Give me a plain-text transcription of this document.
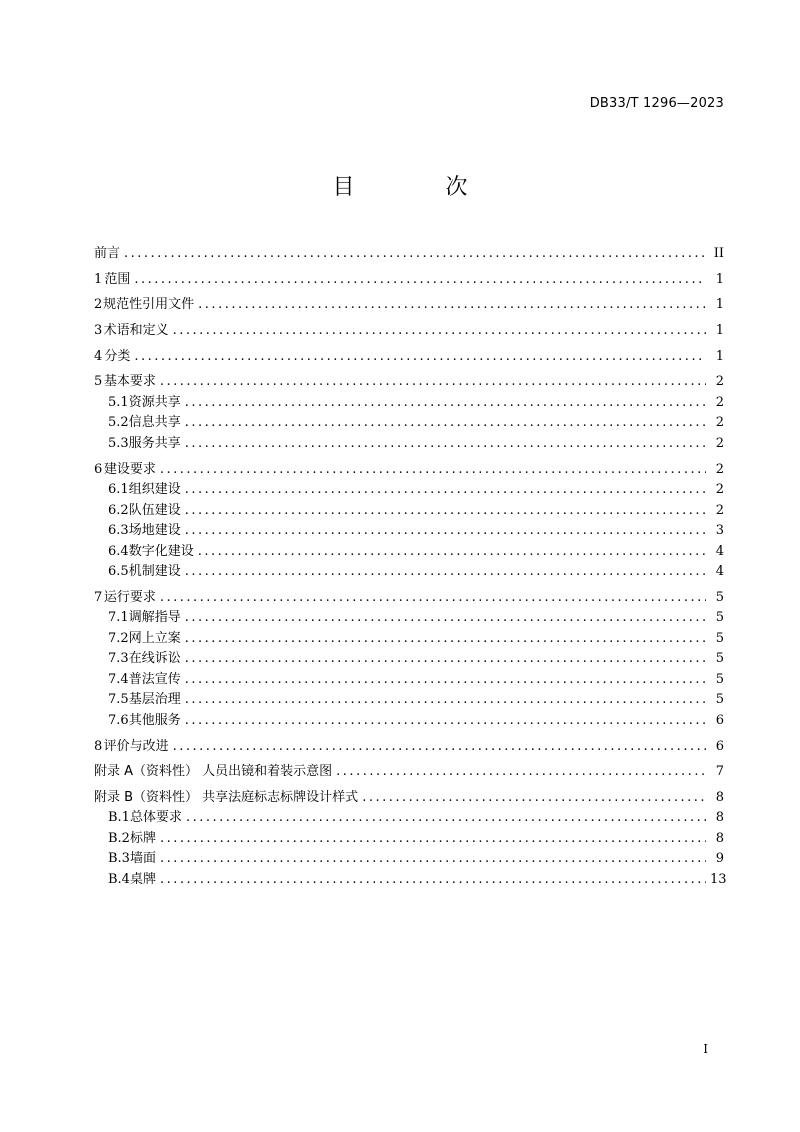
DB33/T 1296—2023
目 次
前言 .....	II
1 范围 .....	1
2 规范性引用文件 .....	1
3 术语和定义 .....	1
4 分类 .....	1
5 基本要求 .....	2
5.1 资源共享 .....	2
5.2 信息共享 .....	2
5.3 服务共享 .....	2
6 建设要求 .....	2
6.1 组织建设 .....	2
6.2 队伍建设 .....	2
6.3 场地建设 .....	3
6.4 数字化建设 .....	4
6.5 机制建设 .....	4
7 运行要求 .....	5
7.1 调解指导 .....	5
7.2 网上立案 .....	5
7.3 在线诉讼 .....	5
7.4 普法宣传 .....	5
7.5 基层治理 .....	5
7.6 其他服务 .....	6
8 评价与改进 .....	6
附录 A（资料性） 人员出镜和着装示意图 .....	7
附录 B（资料性） 共享法庭标志标牌设计样式 .....	8
B.1 总体要求 .....	8
B.2 标牌 .....	8
B.3 墙面 .....	9
B.4 桌牌 .....	13
I
